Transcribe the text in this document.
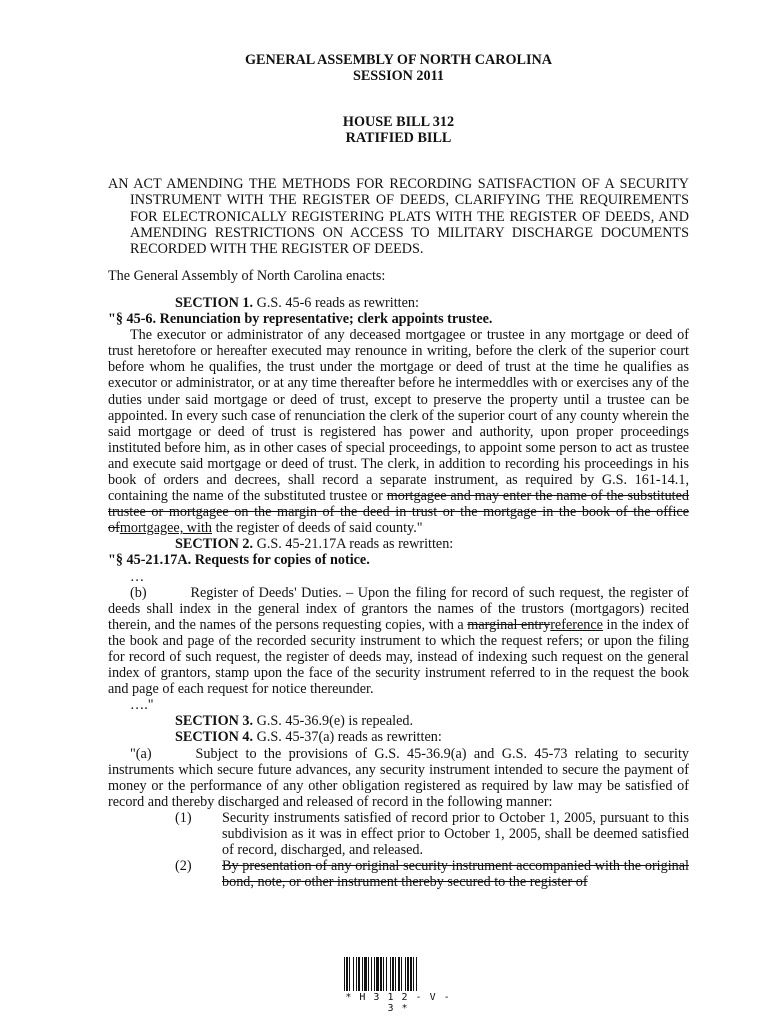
GENERAL ASSEMBLY OF NORTH CAROLINA
SESSION 2011
HOUSE BILL 312
RATIFIED BILL
AN ACT AMENDING THE METHODS FOR RECORDING SATISFACTION OF A SECURITY INSTRUMENT WITH THE REGISTER OF DEEDS, CLARIFYING THE REQUIREMENTS FOR ELECTRONICALLY REGISTERING PLATS WITH THE REGISTER OF DEEDS, AND AMENDING RESTRICTIONS ON ACCESS TO MILITARY DISCHARGE DOCUMENTS RECORDED WITH THE REGISTER OF DEEDS.
The General Assembly of North Carolina enacts:
SECTION 1. G.S. 45-6 reads as rewritten:
"§ 45-6. Renunciation by representative; clerk appoints trustee.
The executor or administrator of any deceased mortgagee or trustee in any mortgage or deed of trust heretofore or hereafter executed may renounce in writing, before the clerk of the superior court before whom he qualifies, the trust under the mortgage or deed of trust at the time he qualifies as executor or administrator, or at any time thereafter before he intermeddles with or exercises any of the duties under said mortgage or deed of trust, except to preserve the property until a trustee can be appointed. In every such case of renunciation the clerk of the superior court of any county wherein the said mortgage or deed of trust is registered has power and authority, upon proper proceedings instituted before him, as in other cases of special proceedings, to appoint some person to act as trustee and execute said mortgage or deed of trust. The clerk, in addition to recording his proceedings in his book of orders and decrees, shall record a separate instrument, as required by G.S. 161-14.1, containing the name of the substituted trustee or mortgagee and may enter the name of the substituted trustee or mortgagee on the margin of the deed in trust or the mortgage in the book of the office ofmortgagee, with the register of deeds of said county."
SECTION 2. G.S. 45-21.17A reads as rewritten:
"§ 45-21.17A. Requests for copies of notice.
…
(b)	Register of Deeds' Duties. – Upon the filing for record of such request, the register of deeds shall index in the general index of grantors the names of the trustors (mortgagors) recited therein, and the names of the persons requesting copies, with a marginal entryreference in the index of the book and page of the recorded security instrument to which the request refers; or upon the filing for record of such request, the register of deeds may, instead of indexing such request on the general index of grantors, stamp upon the face of the security instrument referred to in the request the book and page of each request for notice thereunder.
…."
SECTION 3. G.S. 45-36.9(e) is repealed.
SECTION 4. G.S. 45-37(a) reads as rewritten:
"(a)	Subject to the provisions of G.S. 45-36.9(a) and G.S. 45-73 relating to security instruments which secure future advances, any security instrument intended to secure the payment of money or the performance of any other obligation registered as required by law may be satisfied of record and thereby discharged and released of record in the following manner:
(1)	Security instruments satisfied of record prior to October 1, 2005, pursuant to this subdivision as it was in effect prior to October 1, 2005, shall be deemed satisfied of record, discharged, and released.
(2)	By presentation of any original security instrument accompanied with the original bond, note, or other instrument thereby secured to the register of
* H 3 1 2 - V - 3 *
